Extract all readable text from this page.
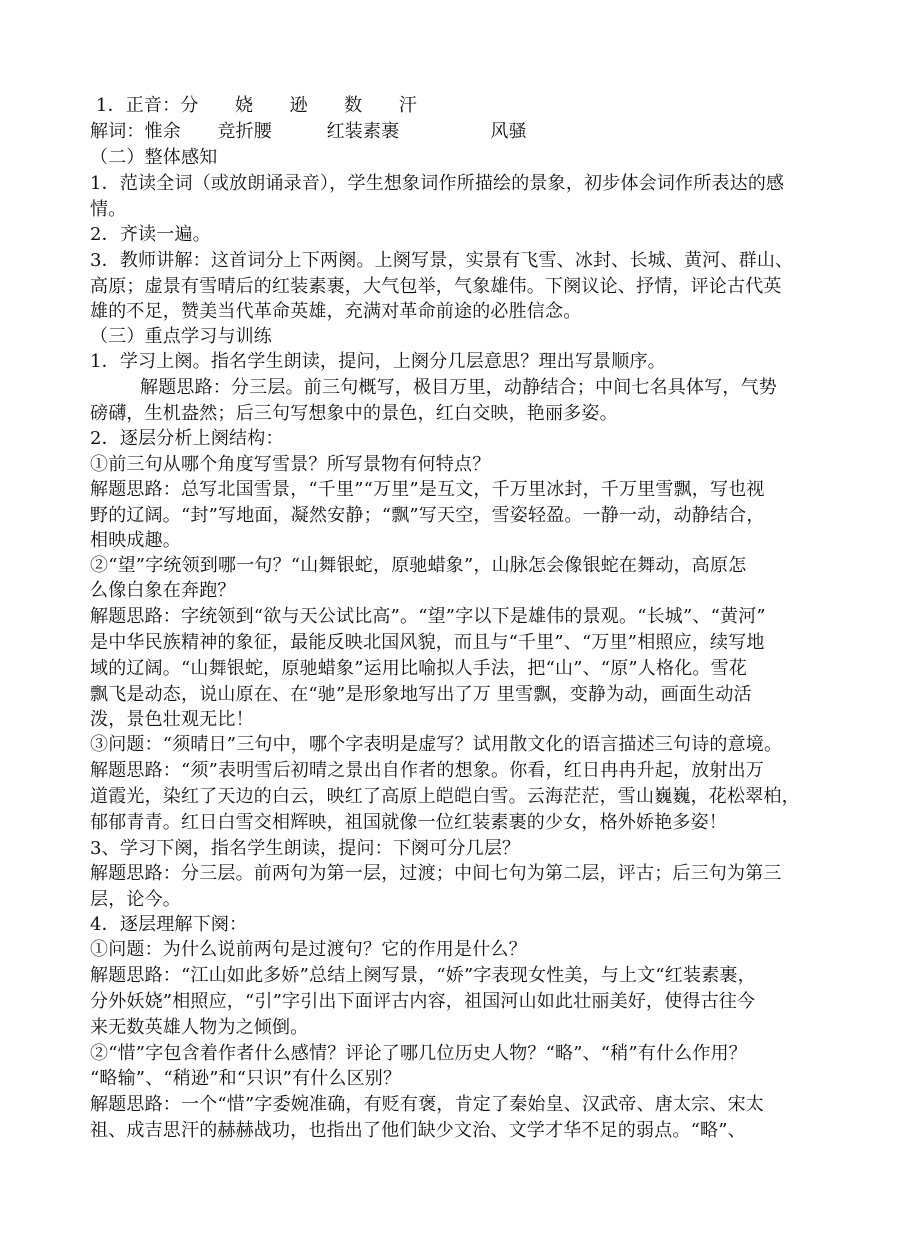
1．正音：分　　娆　　逊　　数　　汗
解词：惟余　　竞折腰　　　红装素裹　　　　　风骚
（二）整体感知
1．范读全词（或放朗诵录音），学生想象词作所描绘的景象，初步体会词作所表达的感
情。
2．齐读一遍。
3．教师讲解：这首词分上下两阕。上阕写景，实景有飞雪、冰封、长城、黄河、群山、
高原；虚景有雪晴后的红装素裹，大气包举，气象雄伟。下阕议论、抒情，评论古代英
雄的不足，赞美当代革命英雄，充满对革命前途的必胜信念。
（三）重点学习与训练
1．学习上阕。指名学生朗读，提问，上阕分几层意思？理出写景顺序。
解题思路：分三层。前三句概写，极目万里，动静结合；中间七名具体写，气势
磅礴，生机盎然；后三句写想象中的景色，红白交映，艳丽多姿。
2．逐层分析上阕结构：
①前三句从哪个角度写雪景？所写景物有何特点？
解题思路：总写北国雪景，“千里”“万里”是互文，千万里冰封，千万里雪飘，写也视
野的辽阔。“封”写地面，凝然安静；“飘”写天空，雪姿轻盈。一静一动，动静结合，
相映成趣。
②“望”字统领到哪一句？“山舞银蛇，原驰蜡象”，山脉怎会像银蛇在舞动，高原怎
么像白象在奔跑？
解题思路：字统领到“欲与天公试比高”。“望”字以下是雄伟的景观。“长城”、“黄河”
是中华民族精神的象征，最能反映北国风貌，而且与“千里”、“万里”相照应，续写地
域的辽阔。“山舞银蛇，原驰蜡象”运用比喻拟人手法，把“山”、“原”人格化。雪花
飘飞是动态，说山原在、在“驰”是形象地写出了万 里雪飘，变静为动，画面生动活
泼，景色壮观无比！
③问题：“须晴日”三句中，哪个字表明是虚写？试用散文化的语言描述三句诗的意境。
解题思路：“须”表明雪后初晴之景出自作者的想象。你看，红日冉冉升起，放射出万
道霞光，染红了天边的白云，映红了高原上皑皑白雪。云海茫茫，雪山巍巍，花松翠柏，
郁郁青青。红日白雪交相辉映，祖国就像一位红装素裹的少女，格外娇艳多姿！
3、学习下阕，指名学生朗读，提问：下阕可分几层？
解题思路：分三层。前两句为第一层，过渡；中间七句为第二层，评古；后三句为第三
层，论今。
4．逐层理解下阕：
①问题：为什么说前两句是过渡句？它的作用是什么？
解题思路：“江山如此多娇”总结上阕写景，“娇”字表现女性美，与上文“红装素裹，
分外妖娆”相照应，“引”字引出下面评古内容，祖国河山如此壮丽美好，使得古往今
来无数英雄人物为之倾倒。
②“惜”字包含着作者什么感情？评论了哪几位历史人物？“略”、“稍”有什么作用？
“略输”、“稍逊”和“只识”有什么区别？
解题思路：一个“惜”字委婉准确，有贬有褒，肯定了秦始皇、汉武帝、唐太宗、宋太
祖、成吉思汗的赫赫战功，也指出了他们缺少文治、文学才华不足的弱点。“略”、
